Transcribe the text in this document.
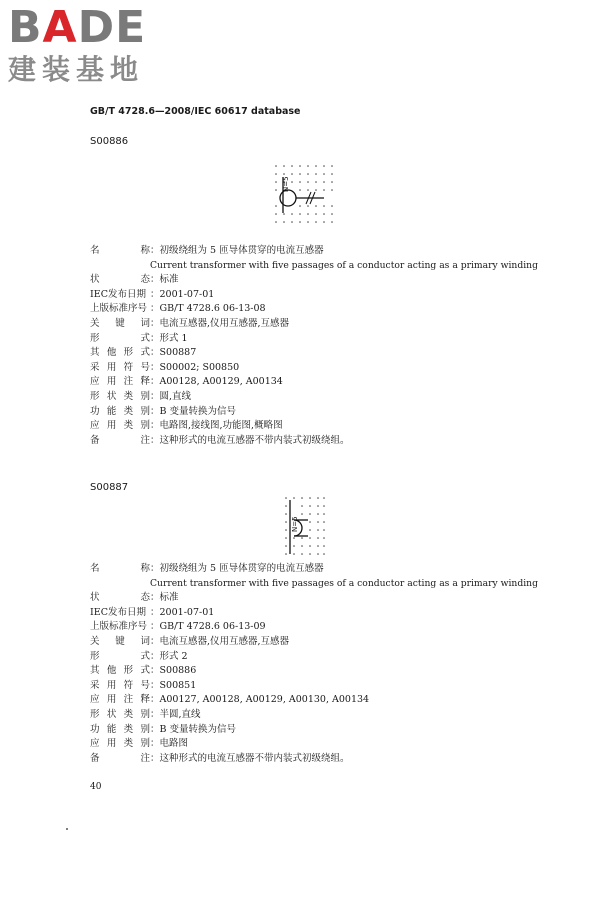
BADE
建装基地
GB/T 4728.6—2008/IEC 60617 database
S00886
N=5
名	称 ： 初级绕组为 5 匝导体贯穿的电流互感器
Current transformer with five passages of a conductor acting as a primary winding
状	态 ： 标准
IEC发布日期 ： 2001-07-01
上版标准序号 ： GB/T 4728.6 06-13-08
关 键 词 ： 电流互感器,仪用互感器,互感器
形	式 ： 形式 1
其 他 形 式 ： S00887
采 用 符 号 ： S00002; S00850
应 用 注 释 ： A00128, A00129, A00134
形 状 类 别 ： 圆,直线
功 能 类 别 ： B 变量转换为信号
应 用 类 别 ： 电路图,接线图,功能图,概略图
备	注 ： 这种形式的电流互感器不带内装式初级绕组。
S00887
N=5
名	称 ： 初级绕组为 5 匝导体贯穿的电流互感器
Current transformer with five passages of a conductor acting as a primary winding
状	态 ： 标准
IEC发布日期 ： 2001-07-01
上版标准序号 ： GB/T 4728.6 06-13-09
关 键 词 ： 电流互感器,仪用互感器,互感器
形	式 ： 形式 2
其 他 形 式 ： S00886
采 用 符 号 ： S00851
应 用 注 释 ： A00127, A00128, A00129, A00130, A00134
形 状 类 别 ： 半圆,直线
功 能 类 别 ： B 变量转换为信号
应 用 类 别 ： 电路图
备	注 ： 这种形式的电流互感器不带内装式初级绕组。
40
